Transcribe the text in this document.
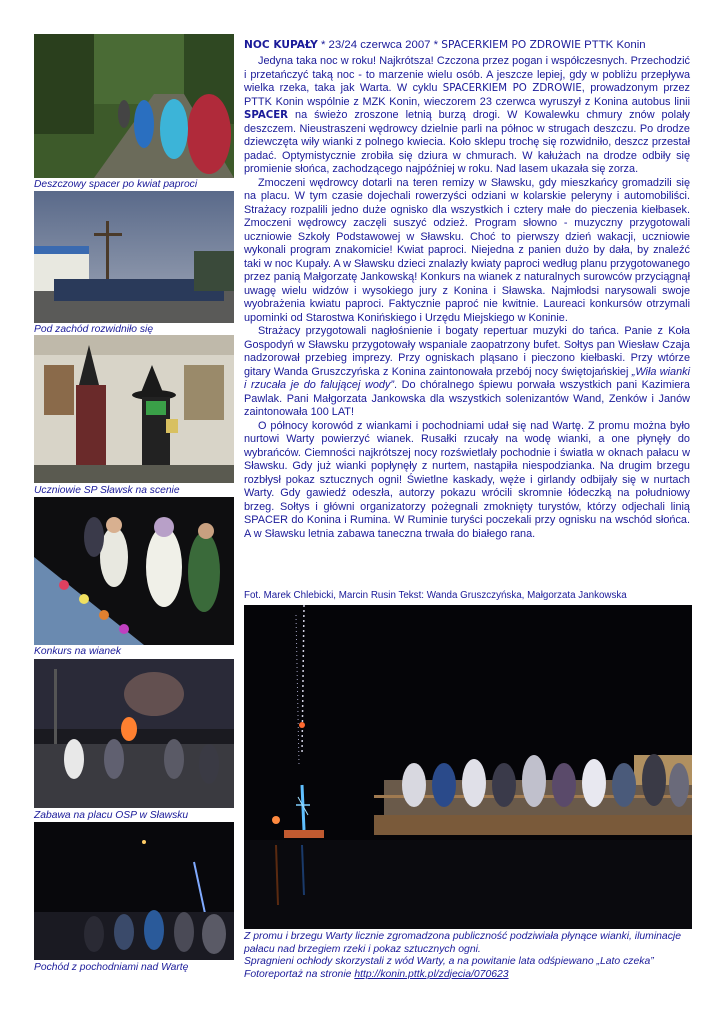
Deszczowy spacer po kwiat paproci
Pod zachód rozwidniło się
Uczniowie SP Sławsk na scenie
Konkurs na wianek
Zabawa na placu OSP w Sławsku
Pochód z pochodniami nad Wartę
NOC KUPAŁY * 23/24 czerwca 2007 * SPACERKIEM PO ZDROWIE PTTK Konin

Jedyna taka noc w roku! Najkrótsza! Czczona przez pogan i współczesnych. Przechodzić i przetańczyć taką noc - to marzenie wielu osób. A jeszcze lepiej, gdy w pobliżu przepływa wielka rzeka, taka jak Warta. W cyklu SPACERKIEM PO ZDROWIE, prowadzonym przez PTTK Konin wspólnie z MZK Konin, wieczorem 23 czerwca wyruszył z Konina autobus linii SPACER na świeżo zroszone letnią burzą drogi. W Kowalewku chmury znów polały deszczem. Nieustraszeni wędrowcy dzielnie parli na północ w strugach deszczu. Po drodze dziewczęta wiły wianki z polnego kwiecia. Koło sklepu trochę się rozwidniło, deszcz przestał padać. Optymistycznie zrobiła się dziura w chmurach. W kałużach na drodze odbiły się promienie słońca, zachodzącego najpóźniej w roku. Nad lasem ukazała się zorza.

Zmoczeni wędrowcy dotarli na teren remizy w Sławsku, gdy mieszkańcy gromadzili się na placu. W tym czasie dojechali rowerzyści odziani w kolarskie peleryny i automobiliści. Strażacy rozpalili jedno duże ognisko dla wszystkich i cztery małe do pieczenia kiełbasek. Zmoczeni wędrowcy zaczęli suszyć odzież. Program słowno - muzyczny przygotowali uczniowie Szkoły Podstawowej w Sławsku. Choć to pierwszy dzień wakacji, uczniowie wykonali program znakomicie! Kwiat paproci. Niejedna z panien dużo by dała, by znaleźć taki w noc Kupały. A w Sławsku dzieci znalazły kwiaty paproci według planu przygotowanego przez panią Małgorzatę Jankowską! Konkurs na wianek z naturalnych surowców przyciągnął uwagę wielu widzów i wysokiego jury z Konina i Sławska. Najmłodsi narysowali swoje wyobrażenia kwiatu paproci. Faktycznie paproć nie kwitnie. Laureaci konkursów otrzymali upominki od Starostwa Konińskiego i Urzędu Miejskiego w Koninie.

Strażacy przygotowali nagłośnienie i bogaty repertuar muzyki do tańca. Panie z Koła Gospodyń w Sławsku przygotowały wspaniale zaopatrzony bufet. Sołtys pan Wiesław Czaja nadzorował przebieg imprezy. Przy ogniskach pląsano i pieczono kiełbaski. Przy wtórze gitary Wanda Gruszczyńska z Konina zaintonowała przebój nocy świętojańskiej „Wiła wianki i rzucała je do falującej wody”. Do chóralnego śpiewu porwała wszystkich pani Kazimiera Pawlak. Pani Małgorzata Jankowska dla wszystkich solenizantów Wand, Zenków i Janów zaintonowała 100 LAT!

O północy korowód z wiankami i pochodniami udał się nad Wartę. Z promu można było nurtowi Warty powierzyć wianek. Rusałki rzucały na wodę wianki, a one płynęły do wybrańców. Ciemności najkrótszej nocy rozświetlały pochodnie i światła w oknach pałacu w Sławsku. Gdy już wianki popłynęły z nurtem, nastąpiła niespodzianka. Na drugim brzegu rozbłysł pokaz sztucznych ogni! Świetlne kaskady, węże i girlandy odbijały się w nurtach Warty. Gdy gawiedź odeszła, autorzy pokazu wrócili skromnie łódeczką na południowy brzeg. Sołtys i główni organizatorzy pożegnali zmoknięty turystów, którzy odjechali linią SPACER do Konina i Rumina. W Ruminie turyści poczekali przy ognisku na wschód słońca. A w Sławsku letnia zabawa taneczna trwała do białego rana.

Fot. Marek Chlebicki, Marcin Rusin Tekst: Wanda Gruszczyńska, Małgorzata Jankowska
Z promu i brzegu Warty licznie zgromadzona publiczność podziwiała płynące wianki, iluminacje pałacu nad brzegiem rzeki i pokaz sztucznych ogni.
Spragnieni ochłody skorzystali z wód Warty, a na powitanie lata odśpiewano „Lato czeka”
Fotoreportaż na stronie http://konin.pttk.pl/zdjecia/070623
